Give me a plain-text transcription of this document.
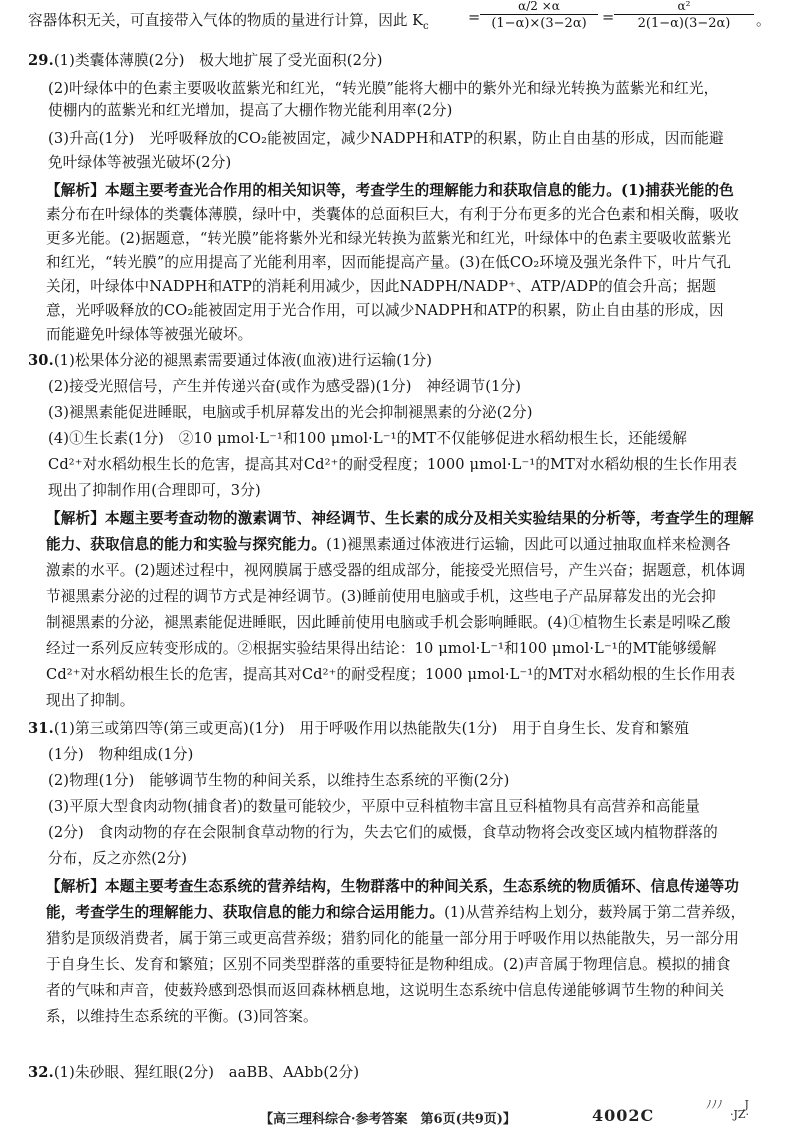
容器体积无关，可直接带入气体的物质的量进行计算，因此 $K_c$
=
α/2 ×α
(1−α)×(3−2α)	=
α²
2(1−α)(3−2α)	。
29.(1)类囊体薄膜(2分)　极大地扩展了受光面积(2分)
(2)叶绿体中的色素主要吸收蓝紫光和红光，“转光膜”能将大棚中的紫外光和绿光转换为蓝紫光和红光，
使棚内的蓝紫光和红光增加，提高了大棚作物光能利用率(2分)
(3)升高(1分)　光呼吸释放的CO₂能被固定，减少NADPH和ATP的积累，防止自由基的形成，因而能避
免叶绿体等被强光破坏(2分)
【解析】本题主要考查光合作用的相关知识等，考查学生的理解能力和获取信息的能力。(1)捕获光能的色
素分布在叶绿体的类囊体薄膜，绿叶中，类囊体的总面积巨大，有利于分布更多的光合色素和相关酶，吸收
更多光能。(2)据题意，“转光膜”能将紫外光和绿光转换为蓝紫光和红光，叶绿体中的色素主要吸收蓝紫光
和红光，“转光膜”的应用提高了光能利用率，因而能提高产量。(3)在低CO₂环境及强光条件下，叶片气孔
关闭，叶绿体中NADPH和ATP的消耗利用减少，因此NADPH/NADP⁺、ATP/ADP的值会升高；据题
意，光呼吸释放的CO₂能被固定用于光合作用，可以减少NADPH和ATP的积累，防止自由基的形成，因
而能避免叶绿体等被强光破坏。
30.(1)松果体分泌的褪黑素需要通过体液(血液)进行运输(1分)
(2)接受光照信号，产生并传递兴奋(或作为感受器)(1分)　神经调节(1分)
(3)褪黑素能促进睡眠，电脑或手机屏幕发出的光会抑制褪黑素的分泌(2分)
(4)①生长素(1分)　②10 μmol·L⁻¹和100 μmol·L⁻¹的MT不仅能够促进水稻幼根生长，还能缓解
Cd²⁺对水稻幼根生长的危害，提高其对Cd²⁺的耐受程度；1000 μmol·L⁻¹的MT对水稻幼根的生长作用表
现出了抑制作用(合理即可，3分)
【解析】本题主要考查动物的激素调节、神经调节、生长素的成分及相关实验结果的分析等，考查学生的理解
能力、获取信息的能力和实验与探究能力。(1)褪黑素通过体液进行运输，因此可以通过抽取血样来检测各
激素的水平。(2)题述过程中，视网膜属于感受器的组成部分，能接受光照信号，产生兴奋；据题意，机体调
节褪黑素分泌的过程的调节方式是神经调节。(3)睡前使用电脑或手机，这些电子产品屏幕发出的光会抑
制褪黑素的分泌，褪黑素能促进睡眠，因此睡前使用电脑或手机会影响睡眠。(4)①植物生长素是吲哚乙酸
经过一系列反应转变形成的。②根据实验结果得出结论：10 μmol·L⁻¹和100 μmol·L⁻¹的MT能够缓解
Cd²⁺对水稻幼根生长的危害，提高其对Cd²⁺的耐受程度；1000 μmol·L⁻¹的MT对水稻幼根的生长作用表
现出了抑制。
31.(1)第三或第四等(第三或更高)(1分)　用于呼吸作用以热能散失(1分)　用于自身生长、发育和繁殖
(1分)　物种组成(1分)
(2)物理(1分)　能够调节生物的种间关系，以维持生态系统的平衡(2分)
(3)平原大型食肉动物(捕食者)的数量可能较少，平原中豆科植物丰富且豆科植物具有高营养和高能量
(2分)　食肉动物的存在会限制食草动物的行为，失去它们的威慑，食草动物将会改变区域内植物群落的
分布，反之亦然(2分)
【解析】本题主要考查生态系统的营养结构，生物群落中的种间关系，生态系统的物质循环、信息传递等功
能，考查学生的理解能力、获取信息的能力和综合运用能力。(1)从营养结构上划分，薮羚属于第二营养级，
猎豹是顶级消费者，属于第三或更高营养级；猎豹同化的能量一部分用于呼吸作用以热能散失，另一部分用
于自身生长、发育和繁殖；区别不同类型群落的重要特征是物种组成。(2)声音属于物理信息。模拟的捕食
者的气味和声音，使薮羚感到恐惧而返回森林栖息地，这说明生态系统中信息传递能够调节生物的种间关
系，以维持生态系统的平衡。(3)同答案。
32.(1)朱砂眼、猩红眼(2分)　aaBB、AAbb(2分)
ﾉﾉﾉ　　J
【高三理科综合·参考答案　第6页(共9页)】	4002C	·JZ·
